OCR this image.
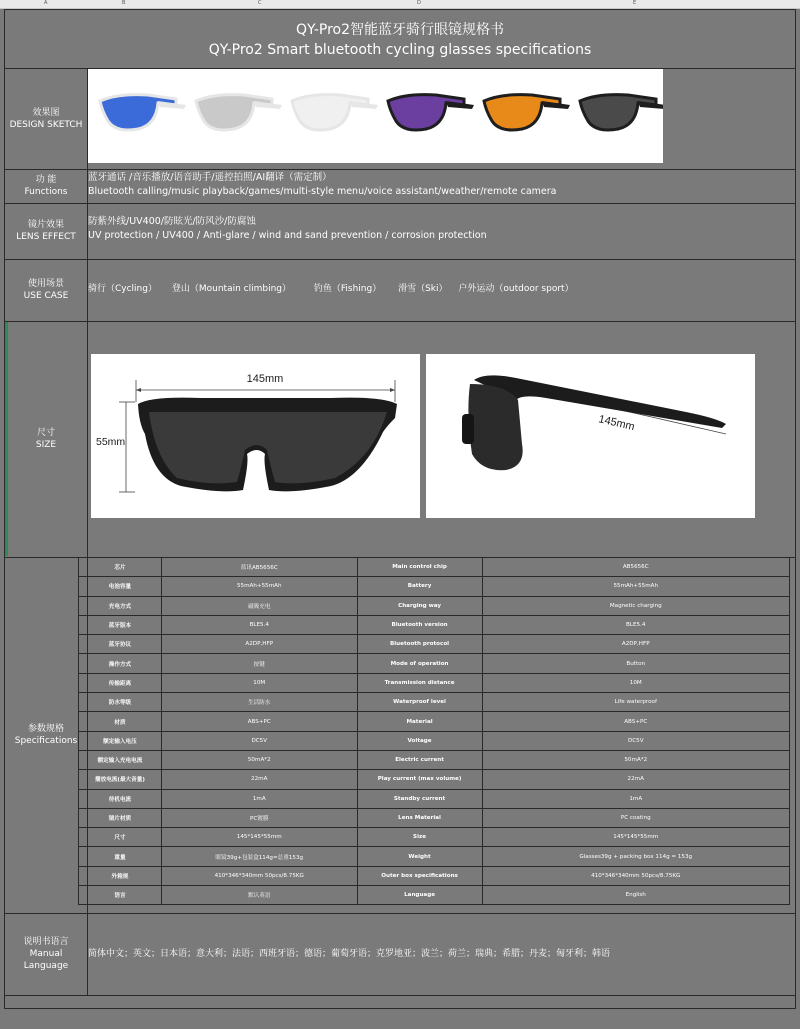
A	B	C	D	E
QY-Pro2智能蓝牙骑行眼镜规格书
QY-Pro2 Smart bluetooth cycling glasses specifications
效果图
DESIGN SKETCH
功 能
Functions
蓝牙通话 /音乐播放/语音助手/遥控拍照/AI翻译（需定制）
Bluetooth calling/music playback/games/multi-style menu/voice assistant/weather/remote camera
镜片效果
LENS EFFECT
防紫外线/UV400/防眩光/防风沙/防腐蚀
UV protection / UV400 / Anti-glare / wind and sand prevention / corrosion protection
使用场景
USE CASE
骑行（Cycling） 登山（Mountain climbing）	钓鱼（Fishing） 滑雪（Ski） 户外运动（outdoor sport）
尺寸
SIZE
145mm
55mm
145mm
参数规格
Specifications
芯片	蓝讯AB5656C	Main control chip	AB5656C
电池容量	55mAh+55mAh	Battery	55mAh+55mAh
充电方式	磁吸充电	Charging way	Magnetic charging
蓝牙版本	BLE5.4	Bluetooth version	BLE5.4
蓝牙协议	A2DP,HFP	Bluetooth protocol	A2DP,HFP
操作方式	按键	Mode of operation	Button
传输距离	10M	Transmission distance	10M
防水等级	生活防水	Waterproof level	Life waterproof
材质	ABS+PC	Material	ABS+PC
额定输入电压	DC5V	Voltage	DC5V
额定输入充电电流	50mA*2	Electric current	50mA*2
播放电流(最大音量)	22mA	Play current (max volume)	22mA
待机电流	1mA	Standby current	1mA
镜片材质	PC镀膜	Lens Material	PC coating
尺寸	145*145*55mm	Size	145*145*55mm
重量	眼镜39g+包装盒114g=总重153g	Weight	Glasses39g + packing box 114g = 153g
外箱规	410*346*340mm 50pcs/8.75KG	Outer box specifications	410*346*340mm 50pcs/8.75KG
语言	默认英语	Language	English
说明书语言
Manual
Language
简体中文；英文；日本语；意大利；法语；西班牙语；德语；葡萄牙语；克罗地亚；波兰；荷兰；瑞典；希腊；丹麦；匈牙利；韩语
